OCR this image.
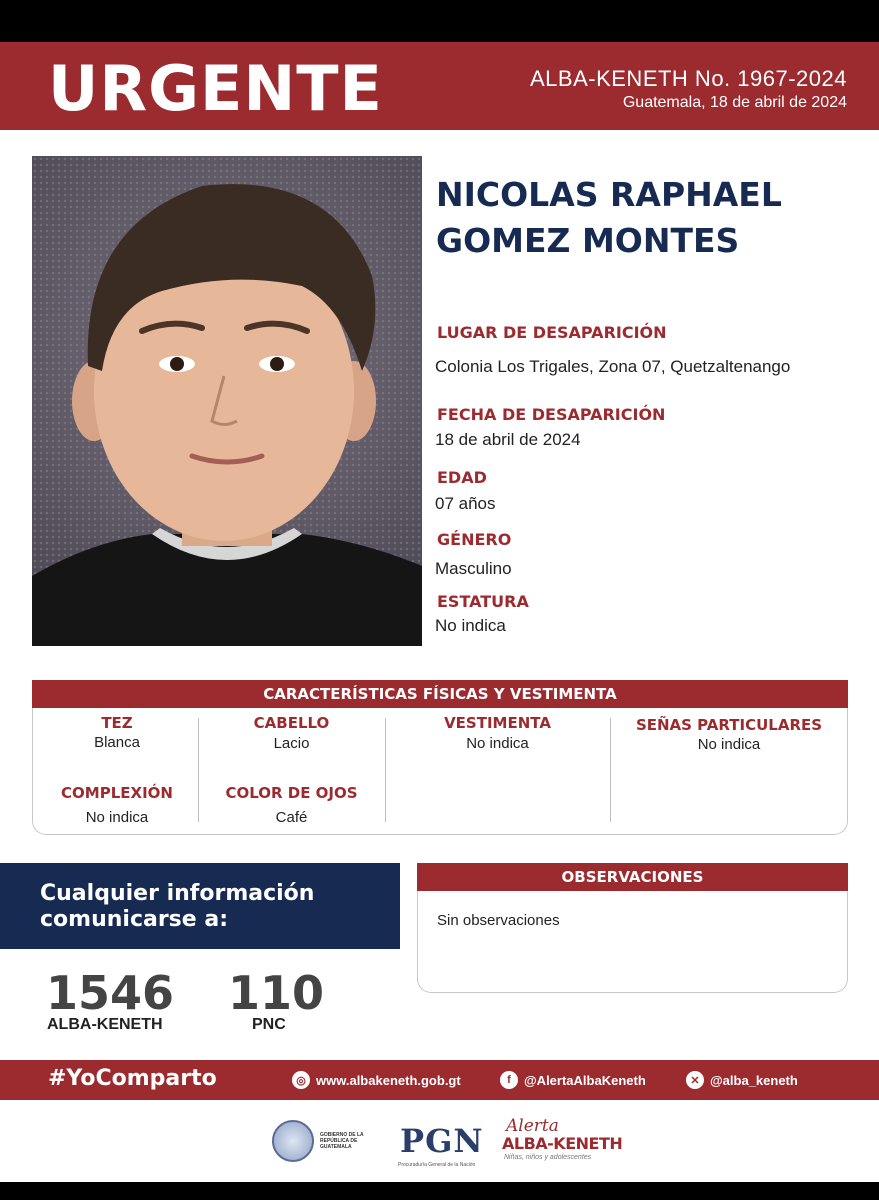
URGENTE	ALBA-KENETH No. 1967-2024
Guatemala, 18 de abril de 2024
NICOLAS RAPHAEL
GOMEZ MONTES
LUGAR DE DESAPARICIÓN
Colonia Los Trigales, Zona 07, Quetzaltenango
FECHA DE DESAPARICIÓN
18 de abril de 2024
EDAD
07 años
GÉNERO
Masculino
ESTATURA
No indica
CARACTERÍSTICAS FÍSICAS Y VESTIMENTA
TEZ
Blanca
CABELLO
Lacio
VESTIMENTA
No indica
SEÑAS PARTICULARES
No indica
COMPLEXIÓN
No indica
COLOR DE OJOS
Café
Cualquier información
comunicarse a:
1546
ALBA-KENETH
110
PNC
OBSERVACIONES
Sin observaciones
#YoComparto	◎ www.albakeneth.gob.gt	f	@AlertaAlbaKeneth	✕ @alba_keneth
GOBIERNO DE LA REPÚBLICA DE GUATEMALA	PGN
Procuraduría General de la Nación
Alerta
ALBA-KENETH
Niñas, niños y adolescentes
